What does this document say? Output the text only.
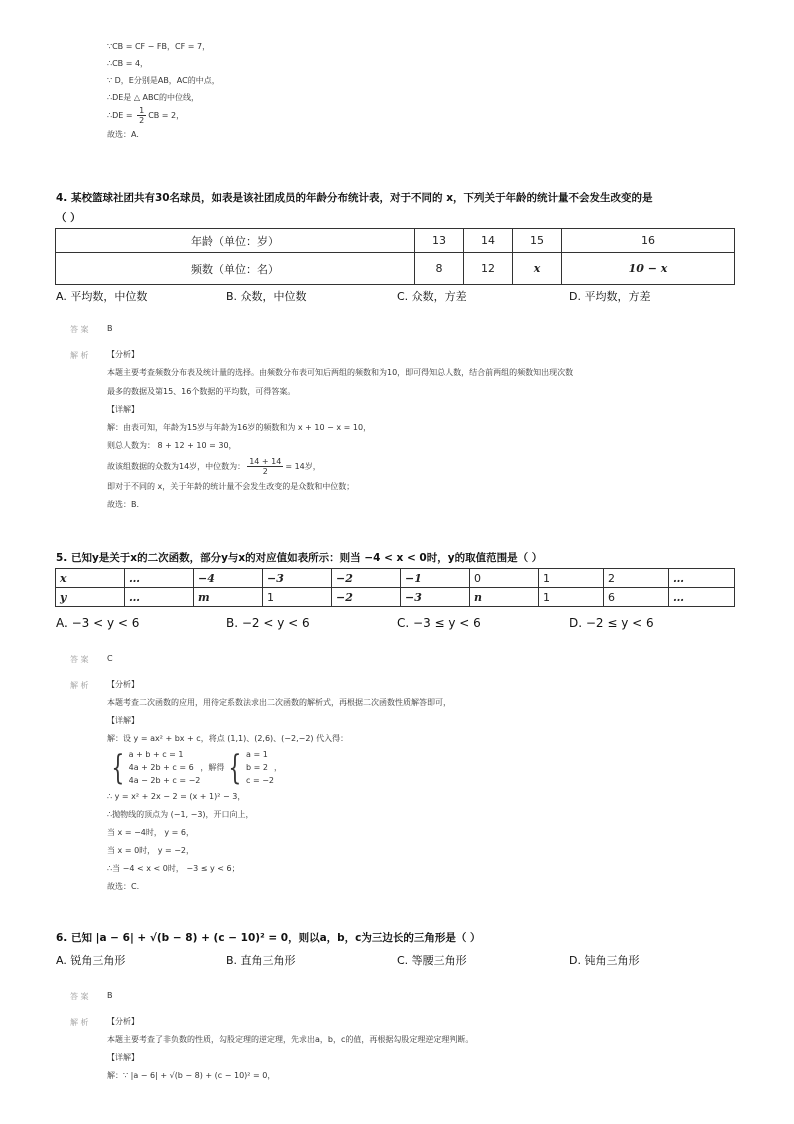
∵CB = CF − FB，CF = 7，
∴CB = 4，
∵ D，E分别是AB，AC的中点，
∴DE是 △ ABC的中位线，
∴DE = $\frac{1}{2}$ CB = 2，
故选：A.
4. 某校篮球社团共有30名球员，如表是该社团成员的年龄分布统计表，对于不同的 x，下列关于年龄的统计量不会发生改变的是
（ ）
年龄（单位：岁）	13	14	15	16
频数（单位：名）	8	12	x	10 − x
A. 平均数，中位数	B. 众数，中位数	C. 众数，方差	D. 平均数，方差
答 案 B
解 析 【分析】
本题主要考查频数分布表及统计量的选择。由频数分布表可知后两组的频数和为10，即可得知总人数，结合前两组的频数知出现次数
最多的数据及第15、16个数据的平均数，可得答案。
【详解】
解：由表可知，年龄为15岁与年龄为16岁的频数和为 x + 10 − x = 10，
则总人数为： 8 + 12 + 10 = 30，
故该组数据的众数为14岁，中位数为： $\frac{14 + 14}{2} = 14$岁，
即对于不同的 x，关于年龄的统计量不会发生改变的是众数和中位数；
故选：B.
5. 已知y是关于x的二次函数，部分y与x的对应值如表所示：则当 −4 < x < 0时，y的取值范围是（ ）
x	…	−4	−3	−2	−1	0	1	2	…
y	…	m	1	−2	−3	n	1	6	…
A. −3 < y < 6	B. −2 < y < 6	C. −3 ≤ y < 6	D. −2 ≤ y < 6
答 案 C
解 析 【分析】
本题考查二次函数的应用，用待定系数法求出二次函数的解析式，再根据二次函数性质解答即可，
【详解】
解：设 y = ax² + bx + c，将点 (1,1)、(2,6)、(−2,−2) 代入得：
{ a + b + c = 1
4a + 2b + c = 6
4a − 2b + c = −2
，解得 { a = 1
b = 2
c = −2
，
∴ y = x² + 2x − 2 = (x + 1)² − 3，
∴抛物线的顶点为 (−1, −3)，开口向上，
当 x = −4时， y = 6，
当 x = 0时， y = −2，
∴当 −4 < x < 0时， −3 ≤ y < 6；
故选：C.
6. 已知 |a − 6| + √(b − 8) + (c − 10)² = 0，则以a，b，c为三边长的三角形是（ ）
A. 锐角三角形	B. 直角三角形	C. 等腰三角形	D. 钝角三角形
答 案 B
解 析 【分析】
本题主要考查了非负数的性质，勾股定理的逆定理，先求出a，b，c的值，再根据勾股定理逆定理判断。
【详解】
解：∵ |a − 6| + √(b − 8) + (c − 10)² = 0，
